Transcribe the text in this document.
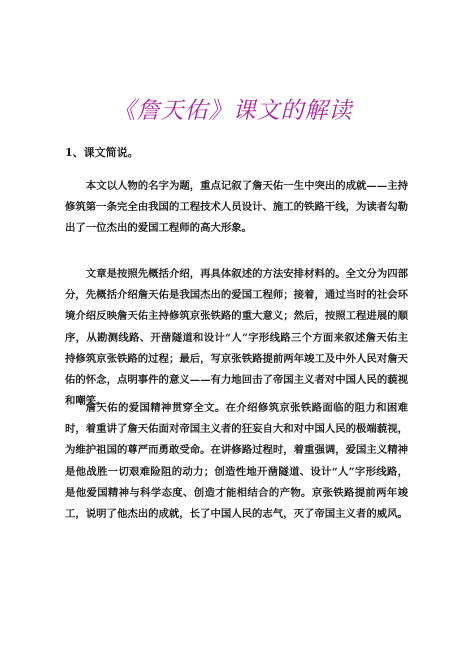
《詹天佑》课文的解读
1、课文简说。

本文以人物的名字为题，重点记叙了詹天佑一生中突出的成就——主持修筑第一条完全由我国的工程技术人员设计、施工的铁路干线，为读者勾勒出了一位杰出的爱国工程师的高大形象。

文章是按照先概括介绍，再具体叙述的方法安排材料的。全文分为四部分，先概括介绍詹天佑是我国杰出的爱国工程师；接着，通过当时的社会环境介绍反映詹天佑主持修筑京张铁路的重大意义；然后，按照工程进展的顺序，从勘测线路、开凿隧道和设计“人”字形线路三个方面来叙述詹天佑主持修筑京张铁路的过程；最后，写京张铁路提前两年竣工及中外人民对詹天佑的怀念，点明事件的意义——有力地回击了帝国主义者对中国人民的藐视和嘲笑。

詹天佑的爱国精神贯穿全文。在介绍修筑京张铁路面临的阻力和困难时，着重讲了詹天佑面对帝国主义者的狂妄自大和对中国人民的极端藐视，为维护祖国的尊严而勇敢受命。在讲修路过程时，着重强调，爱国主义精神是他战胜一切艰难险阻的动力；创造性地开凿隧道、设计“人”字形线路，是他爱国精神与科学态度、创造才能相结合的产物。京张铁路提前两年竣工，说明了他杰出的成就，长了中国人民的志气，灭了帝国主义者的威风。
